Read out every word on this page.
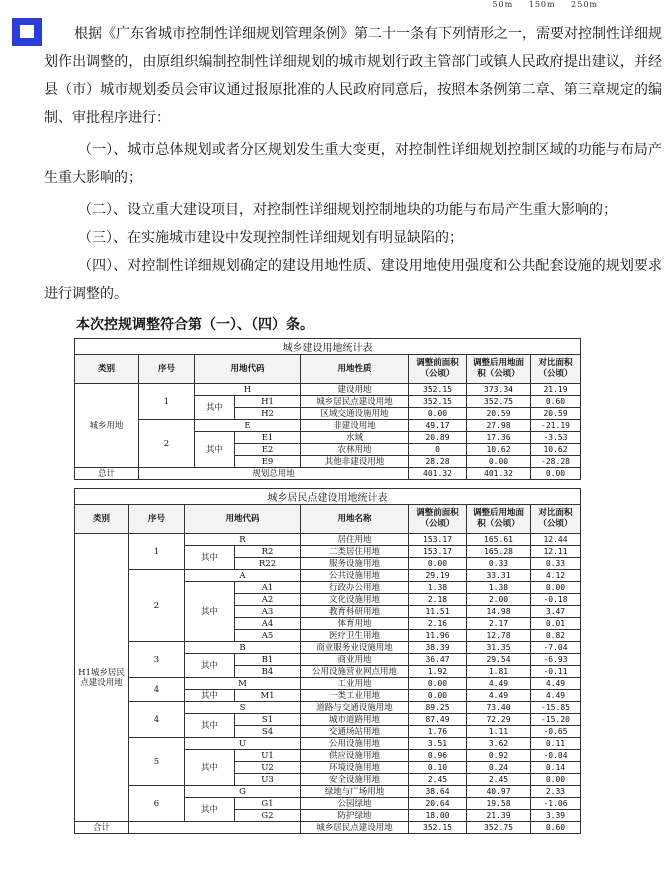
50m 150m 250m
根据《广东省城市控制性详细规划管理条例》第二十一条有下列情形之一，需要对控制性详细规划作出调整的，由原组织编制控制性详细规划的城市规划行政主管部门或镇人民政府提出建议，并经县（市）城市规划委员会审议通过报原批准的人民政府同意后，按照本条例第二章、第三章规定的编制、审批程序进行：
（一）、城市总体规划或者分区规划发生重大变更，对控制性详细规划控制区域的功能与布局产生重大影响的；
（二）、设立重大建设项目，对控制性详细规划控制地块的功能与布局产生重大影响的；
（三）、在实施城市建设中发现控制性详细规划有明显缺陷的；
（四）、对控制性详细规划确定的建设用地性质、建设用地使用强度和公共配套设施的规划要求进行调整的。
本次控规调整符合第（一）、（四）条。
城乡建设用地统计表							
类别	序号	用地代码		用地性质	调整前面积（公顷）	调整后用地面积（公顷）	对比面积（公顷）
城乡用地	1	H		建设用地	352.15	373.34	21.19
		其中	H1	城乡居民点建设用地	352.15	352.75	0.60
			H2	区域交通设施用地	0.00	20.59	20.59
	2	E		非建设用地	49.17	27.98	-21.19
		其中	E1	水域	20.89	17.36	-3.53
			E2	农林用地	0	10.62	10.62
			E9	其他非建设用地	28.28	0.00	-28.28
总计	规划总用地				401.32	401.32	0.00
城乡居民点建设用地统计表							
类别	序号	用地代码		用地名称	调整前面积（公顷）	调整后用地面积（公顷）	对比面积（公顷）
H1城乡居民点建设用地	1	R		居住用地	153.17	165.61	12.44
		其中	R2	二类居住用地	153.17	165.28	12.11
			R22	服务设施用地	0.00	0.33	0.33
	2	A		公共设施用地	29.19	33.31	4.12
		其中	A1	行政办公用地	1.38	1.38	0.00
			A2	文化设施用地	2.18	2.00	-0.18
			A3	教育科研用地	11.51	14.98	3.47
			A4	体育用地	2.16	2.17	0.01
			A5	医疗卫生用地	11.96	12.78	0.82
	3	B		商业服务业设施用地	38.39	31.35	-7.04
		其中	B1	商业用地	36.47	29.54	-6.93
			B4	公用设施营业网点用地	1.92	1.81	-0.11
	4	M		工业用地	0.00	4.49	4.49
		其中	M1	一类工业用地	0.00	4.49	4.49
	4	S		道路与交通设施用地	89.25	73.40	-15.85
		其中	S1	城市道路用地	87.49	72.29	-15.20
			S4	交通场站用地	1.76	1.11	-0.65
	5	U		公用设施用地	3.51	3.62	0.11
		其中	U1	供应设施用地	0.96	0.92	-0.04
			U2	环境设施用地	0.10	0.24	0.14
			U3	安全设施用地	2.45	2.45	0.00
	6	G		绿地与广场用地	38.64	40.97	2.33
		其中	G1	公园绿地	20.64	19.58	-1.06
			G2	防护绿地	18.00	21.39	3.39
合计				城乡居民点建设用地	352.15	352.75	0.60
